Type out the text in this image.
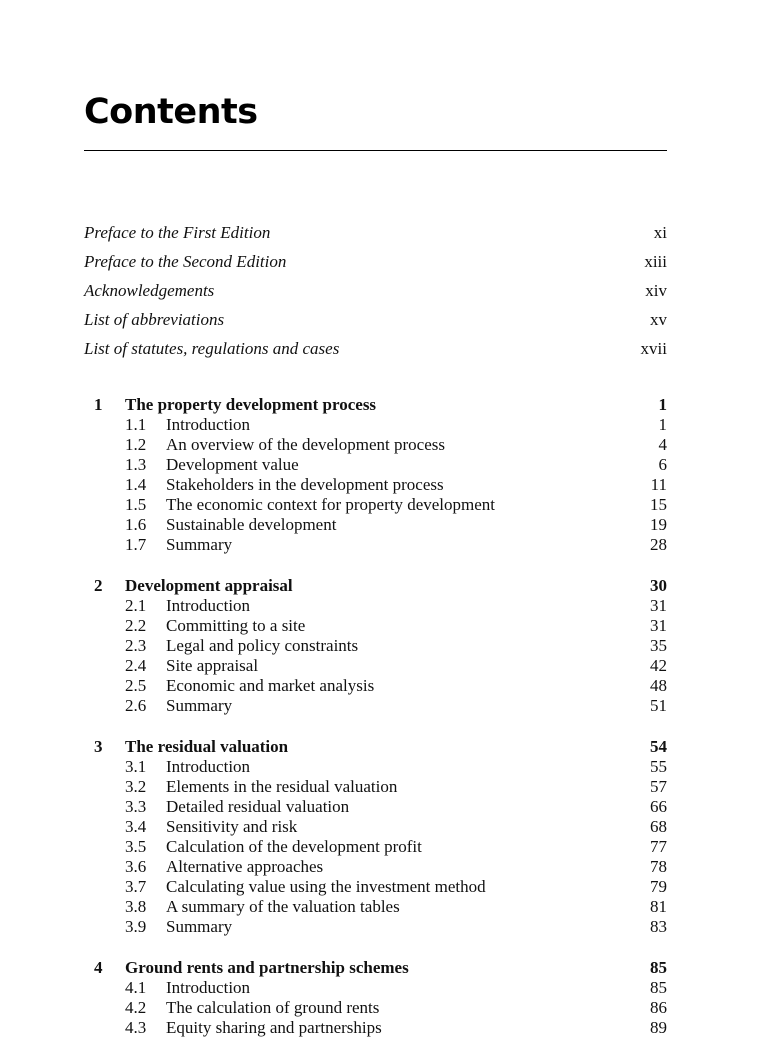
Contents
Preface to the First Edition	xi
Preface to the Second Edition	xiii
Acknowledgements	xiv
List of abbreviations	xv
List of statutes, regulations and cases	xvii
1	The property development process	1
1.1	Introduction	1
1.2	An overview of the development process	4
1.3	Development value	6
1.4	Stakeholders in the development process	11
1.5	The economic context for property development	15
1.6	Sustainable development	19
1.7	Summary	28
2	Development appraisal	30
2.1	Introduction	31
2.2	Committing to a site	31
2.3	Legal and policy constraints	35
2.4	Site appraisal	42
2.5	Economic and market analysis	48
2.6	Summary	51
3	The residual valuation	54
3.1	Introduction	55
3.2	Elements in the residual valuation	57
3.3	Detailed residual valuation	66
3.4	Sensitivity and risk	68
3.5	Calculation of the development profit	77
3.6	Alternative approaches	78
3.7	Calculating value using the investment method	79
3.8	A summary of the valuation tables	81
3.9	Summary	83
4	Ground rents and partnership schemes	85
4.1	Introduction	85
4.2	The calculation of ground rents	86
4.3	Equity sharing and partnerships	89
